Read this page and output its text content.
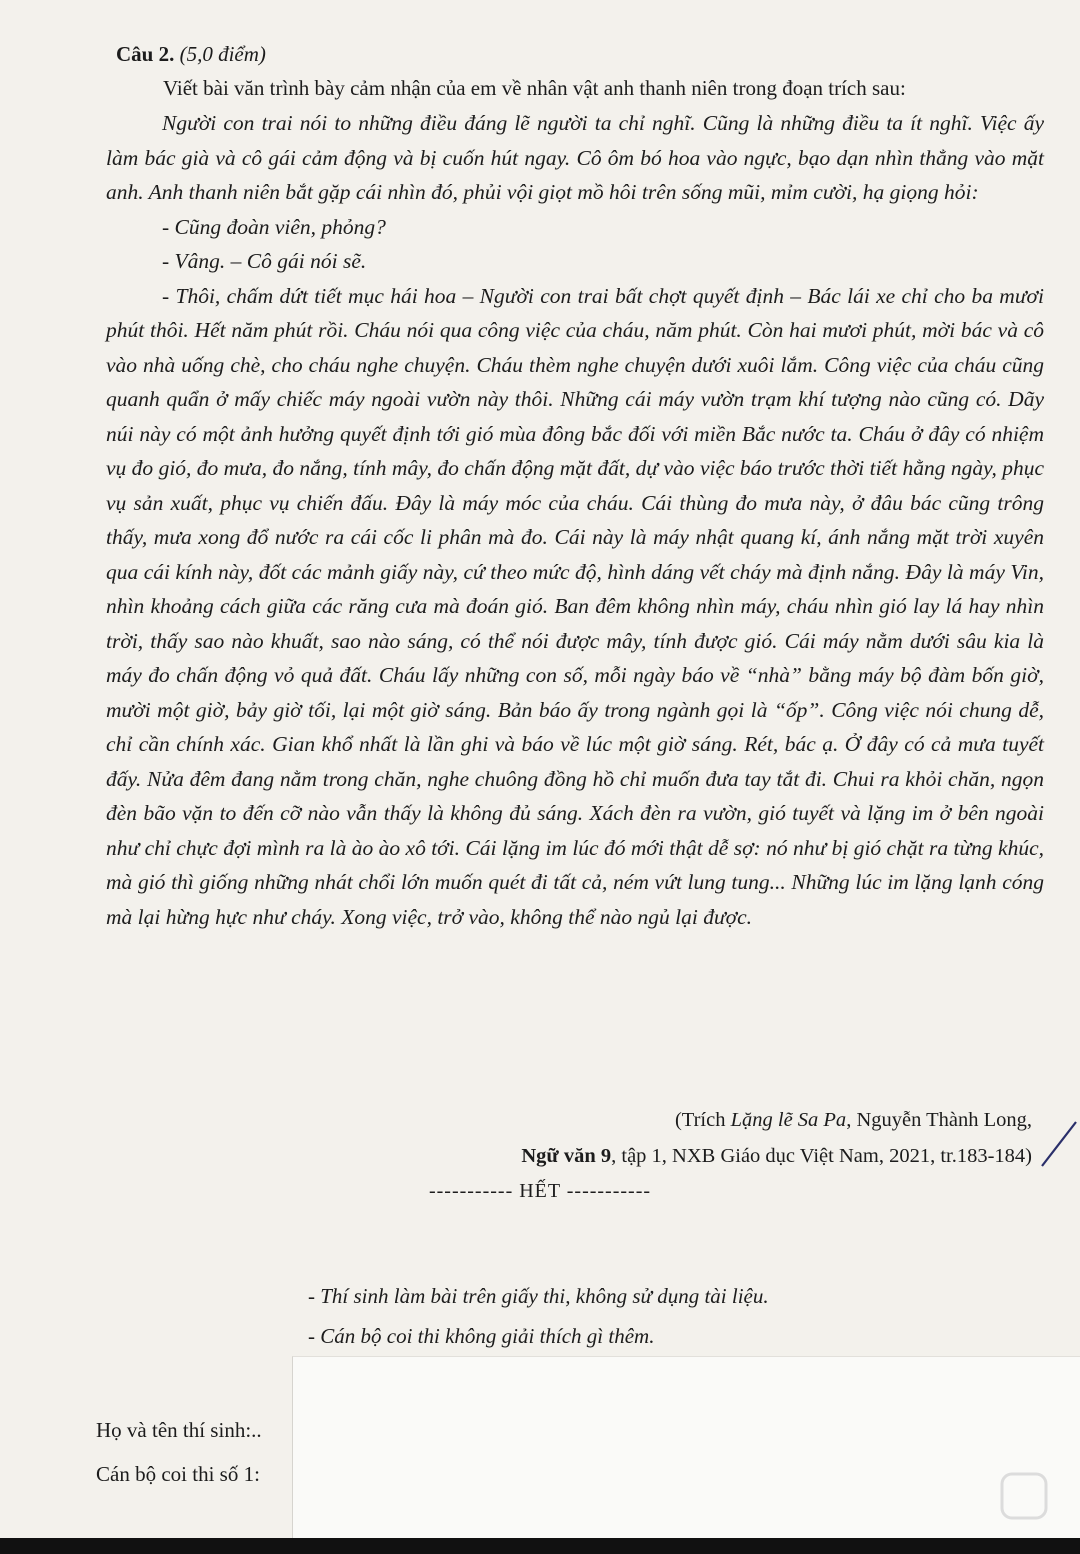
Câu 2. (5,0 điểm)
Viết bài văn trình bày cảm nhận của em về nhân vật anh thanh niên trong đoạn trích sau:

Người con trai nói to những điều đáng lẽ người ta chỉ nghĩ. Cũng là những điều ta ít nghĩ. Việc ấy làm bác già và cô gái cảm động và bị cuốn hút ngay. Cô ôm bó hoa vào ngực, bạo dạn nhìn thẳng vào mặt anh. Anh thanh niên bắt gặp cái nhìn đó, phủi vội giọt mồ hôi trên sống mũi, mỉm cười, hạ giọng hỏi:

- Cũng đoàn viên, phỏng?

- Vâng. – Cô gái nói sẽ.

- Thôi, chấm dứt tiết mục hái hoa – Người con trai bất chợt quyết định – Bác lái xe chỉ cho ba mươi phút thôi. Hết năm phút rồi. Cháu nói qua công việc của cháu, năm phút. Còn hai mươi phút, mời bác và cô vào nhà uống chè, cho cháu nghe chuyện. Cháu thèm nghe chuyện dưới xuôi lắm. Công việc của cháu cũng quanh quẩn ở mấy chiếc máy ngoài vườn này thôi. Những cái máy vườn trạm khí tượng nào cũng có. Dãy núi này có một ảnh hưởng quyết định tới gió mùa đông bắc đối với miền Bắc nước ta. Cháu ở đây có nhiệm vụ đo gió, đo mưa, đo nắng, tính mây, đo chấn động mặt đất, dự vào việc báo trước thời tiết hằng ngày, phục vụ sản xuất, phục vụ chiến đấu. Đây là máy móc của cháu. Cái thùng đo mưa này, ở đâu bác cũng trông thấy, mưa xong đổ nước ra cái cốc li phân mà đo. Cái này là máy nhật quang kí, ánh nắng mặt trời xuyên qua cái kính này, đốt các mảnh giấy này, cứ theo mức độ, hình dáng vết cháy mà định nắng. Đây là máy Vin, nhìn khoảng cách giữa các răng cưa mà đoán gió. Ban đêm không nhìn máy, cháu nhìn gió lay lá hay nhìn trời, thấy sao nào khuất, sao nào sáng, có thể nói được mây, tính được gió. Cái máy nằm dưới sâu kia là máy đo chấn động vỏ quả đất. Cháu lấy những con số, mỗi ngày báo về “nhà” bằng máy bộ đàm bốn giờ, mười một giờ, bảy giờ tối, lại một giờ sáng. Bản báo ấy trong ngành gọi là “ốp”. Công việc nói chung dễ, chỉ cần chính xác. Gian khổ nhất là lần ghi và báo về lúc một giờ sáng. Rét, bác ạ. Ở đây có cả mưa tuyết đấy. Nửa đêm đang nằm trong chăn, nghe chuông đồng hồ chỉ muốn đưa tay tắt đi. Chui ra khỏi chăn, ngọn đèn bão vặn to đến cỡ nào vẫn thấy là không đủ sáng. Xách đèn ra vườn, gió tuyết và lặng im ở bên ngoài như chỉ chực đợi mình ra là ào ào xô tới. Cái lặng im lúc đó mới thật dễ sợ: nó như bị gió chặt ra từng khúc, mà gió thì giống những nhát chổi lớn muốn quét đi tất cả, ném vứt lung tung... Những lúc im lặng lạnh cóng mà lại hừng hực như cháy. Xong việc, trở vào, không thể nào ngủ lại được.

(Trích Lặng lẽ Sa Pa, Nguyễn Thành Long,
Ngữ văn 9, tập 1, NXB Giáo dục Việt Nam, 2021, tr.183-184)
----------- HẾT -----------
- Thí sinh làm bài trên giấy thi, không sử dụng tài liệu.
- Cán bộ coi thi không giải thích gì thêm.
Họ và tên thí sinh:..
Cán bộ coi thi số 1:
